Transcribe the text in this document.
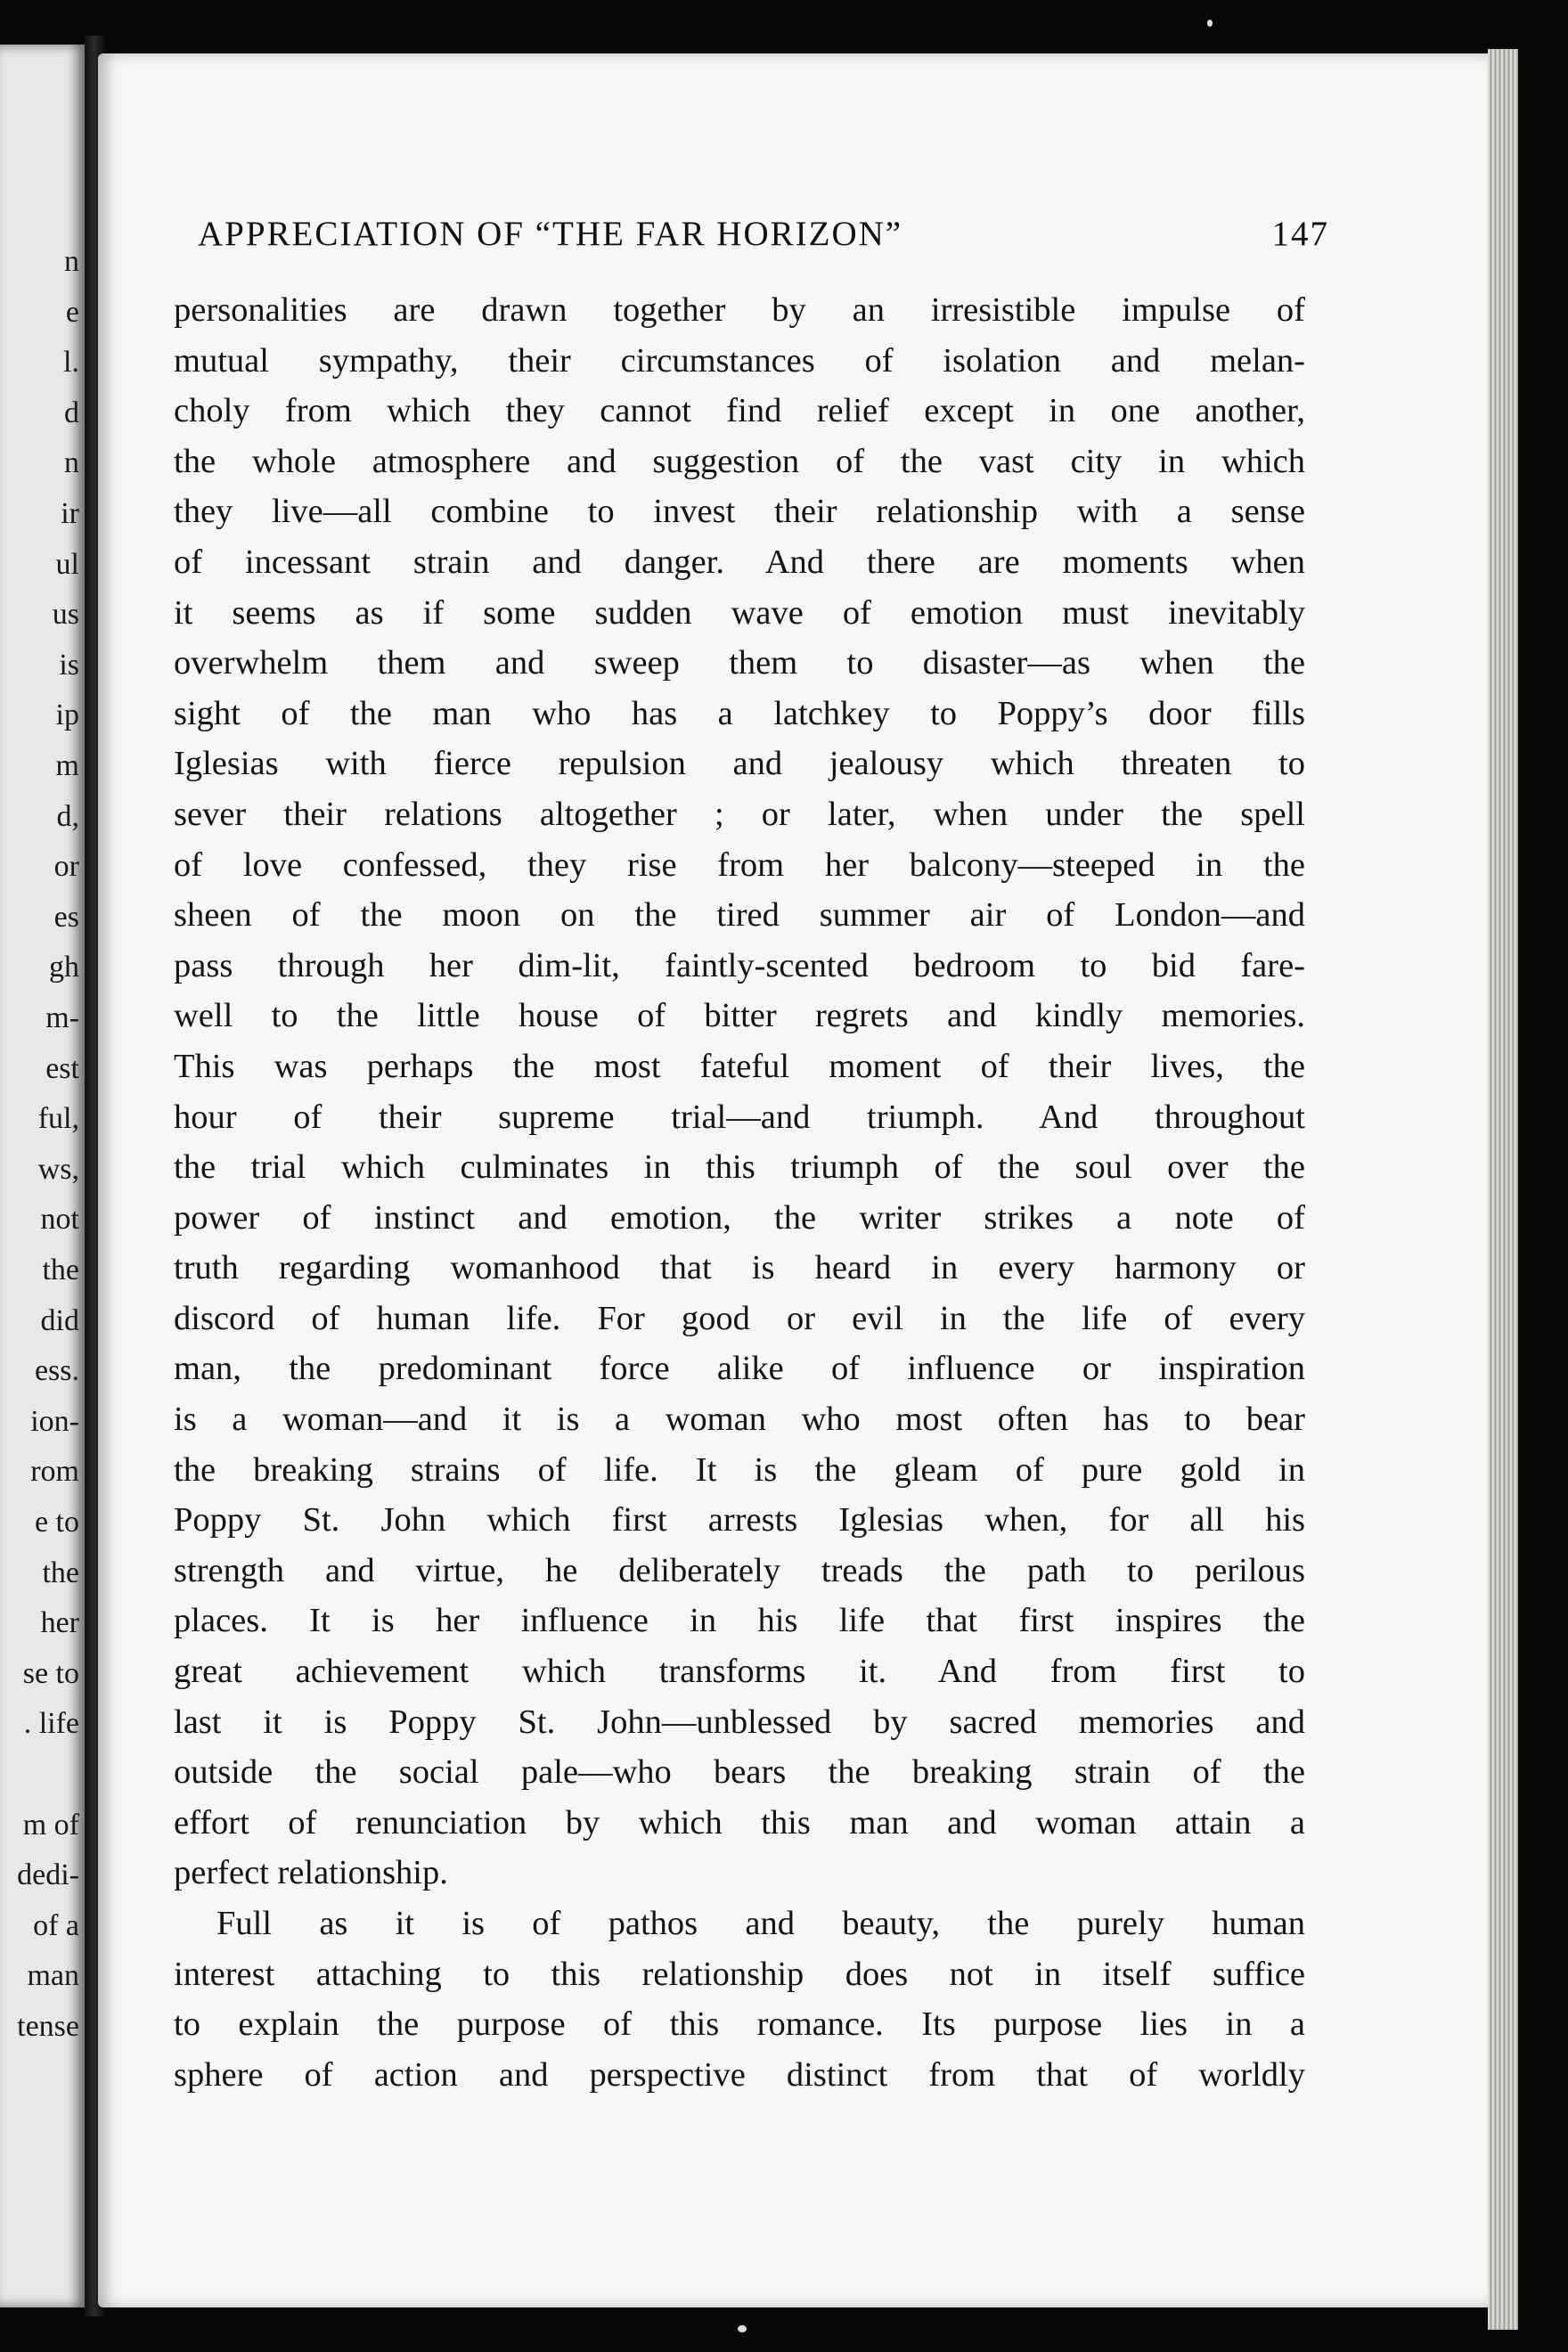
n
e
l.
d
n
ir
ul
us
is
ip
m
d,
or
es
gh
m-
est
ful,
ws,
not
the
did
ess.
ion-
rom
e to
the
her
se to
. life
m of
dedi-
of a
man
tense
APPRECIATION OF “THE FAR HORIZON”	147
personalities are drawn together by an irresistible impulse of
mutual sympathy, their circumstances of isolation and melan-
choly from which they cannot find relief except in one another,
the whole atmosphere and suggestion of the vast city in which
they live—all combine to invest their relationship with a sense
of incessant strain and danger. And there are moments when
it seems as if some sudden wave of emotion must inevitably
overwhelm them and sweep them to disaster—as when the
sight of the man who has a latchkey to Poppy’s door fills
Iglesias with fierce repulsion and jealousy which threaten to
sever their relations altogether ; or later, when under the spell
of love confessed, they rise from her balcony—steeped in the
sheen of the moon on the tired summer air of London—and
pass through her dim-lit, faintly-scented bedroom to bid fare-
well to the little house of bitter regrets and kindly memories.
This was perhaps the most fateful moment of their lives, the
hour of their supreme trial—and triumph. And throughout
the trial which culminates in this triumph of the soul over the
power of instinct and emotion, the writer strikes a note of
truth regarding womanhood that is heard in every harmony or
discord of human life. For good or evil in the life of every
man, the predominant force alike of influence or inspiration
is a woman—and it is a woman who most often has to bear
the breaking strains of life. It is the gleam of pure gold in
Poppy St. John which first arrests Iglesias when, for all his
strength and virtue, he deliberately treads the path to perilous
places. It is her influence in his life that first inspires the
great achievement which transforms it. And from first to
last it is Poppy St. John—unblessed by sacred memories and
outside the social pale—who bears the breaking strain of the
effort of renunciation by which this man and woman attain a
perfect relationship.
Full as it is of pathos and beauty, the purely human
interest attaching to this relationship does not in itself suffice
to explain the purpose of this romance. Its purpose lies in a
sphere of action and perspective distinct from that of worldly
